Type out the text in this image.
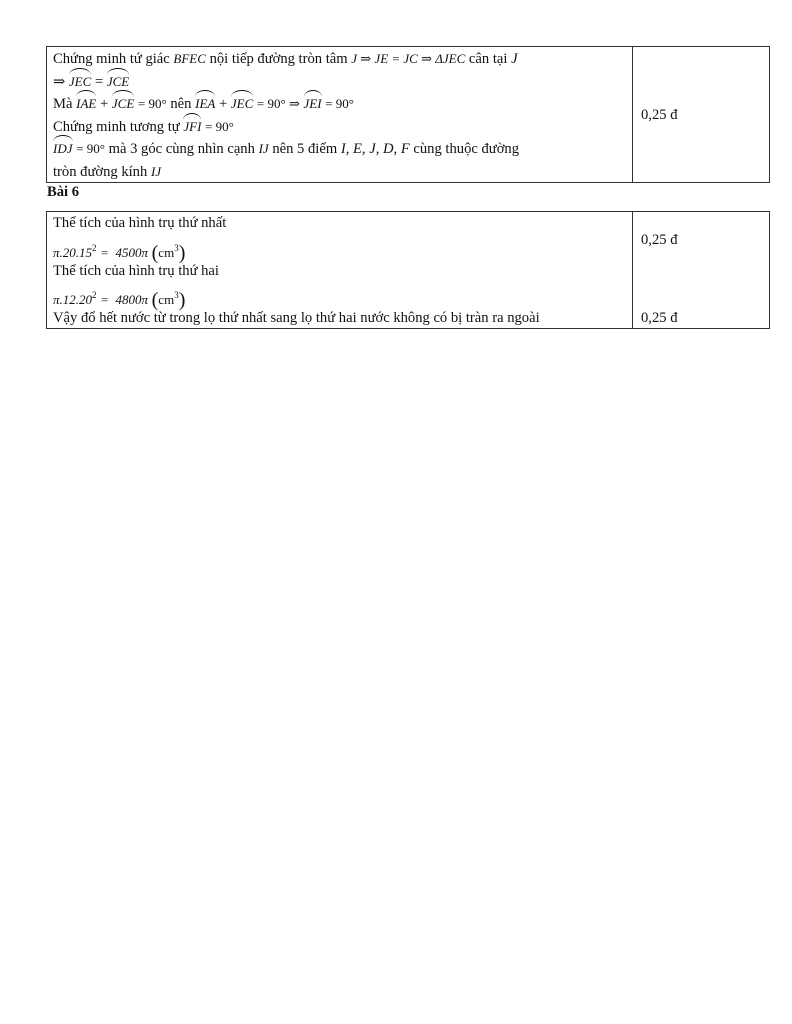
Chứng minh tứ giác BFEC nội tiếp đường tròn tâm J ⇒ JE = JC ⇒ ΔJEC cân tại J
⇒ JEC = JCE
Mà IAE + JCE = 90° nên IEA + JEC = 90° ⇒ JEI = 90°
Chứng minh tương tự JFI = 90°
IDJ = 90° mà 3 góc cùng nhìn cạnh IJ nên 5 điểm I, E, J, D, F cùng thuộc đường
tròn đường kính IJ
0,25 đ
Bài 6
Thể tích của hình trụ thứ nhất
$\pi.20.15^2 = 4500\pi$ $(cm^3)$
Thể tích của hình trụ thứ hai
$\pi.12.20^2 = 4800\pi$ $(cm^3)$
Vậy đổ hết nước từ trong lọ thứ nhất sang lọ thứ hai nước không có bị tràn ra ngoài
0,25 đ
0,25 đ
